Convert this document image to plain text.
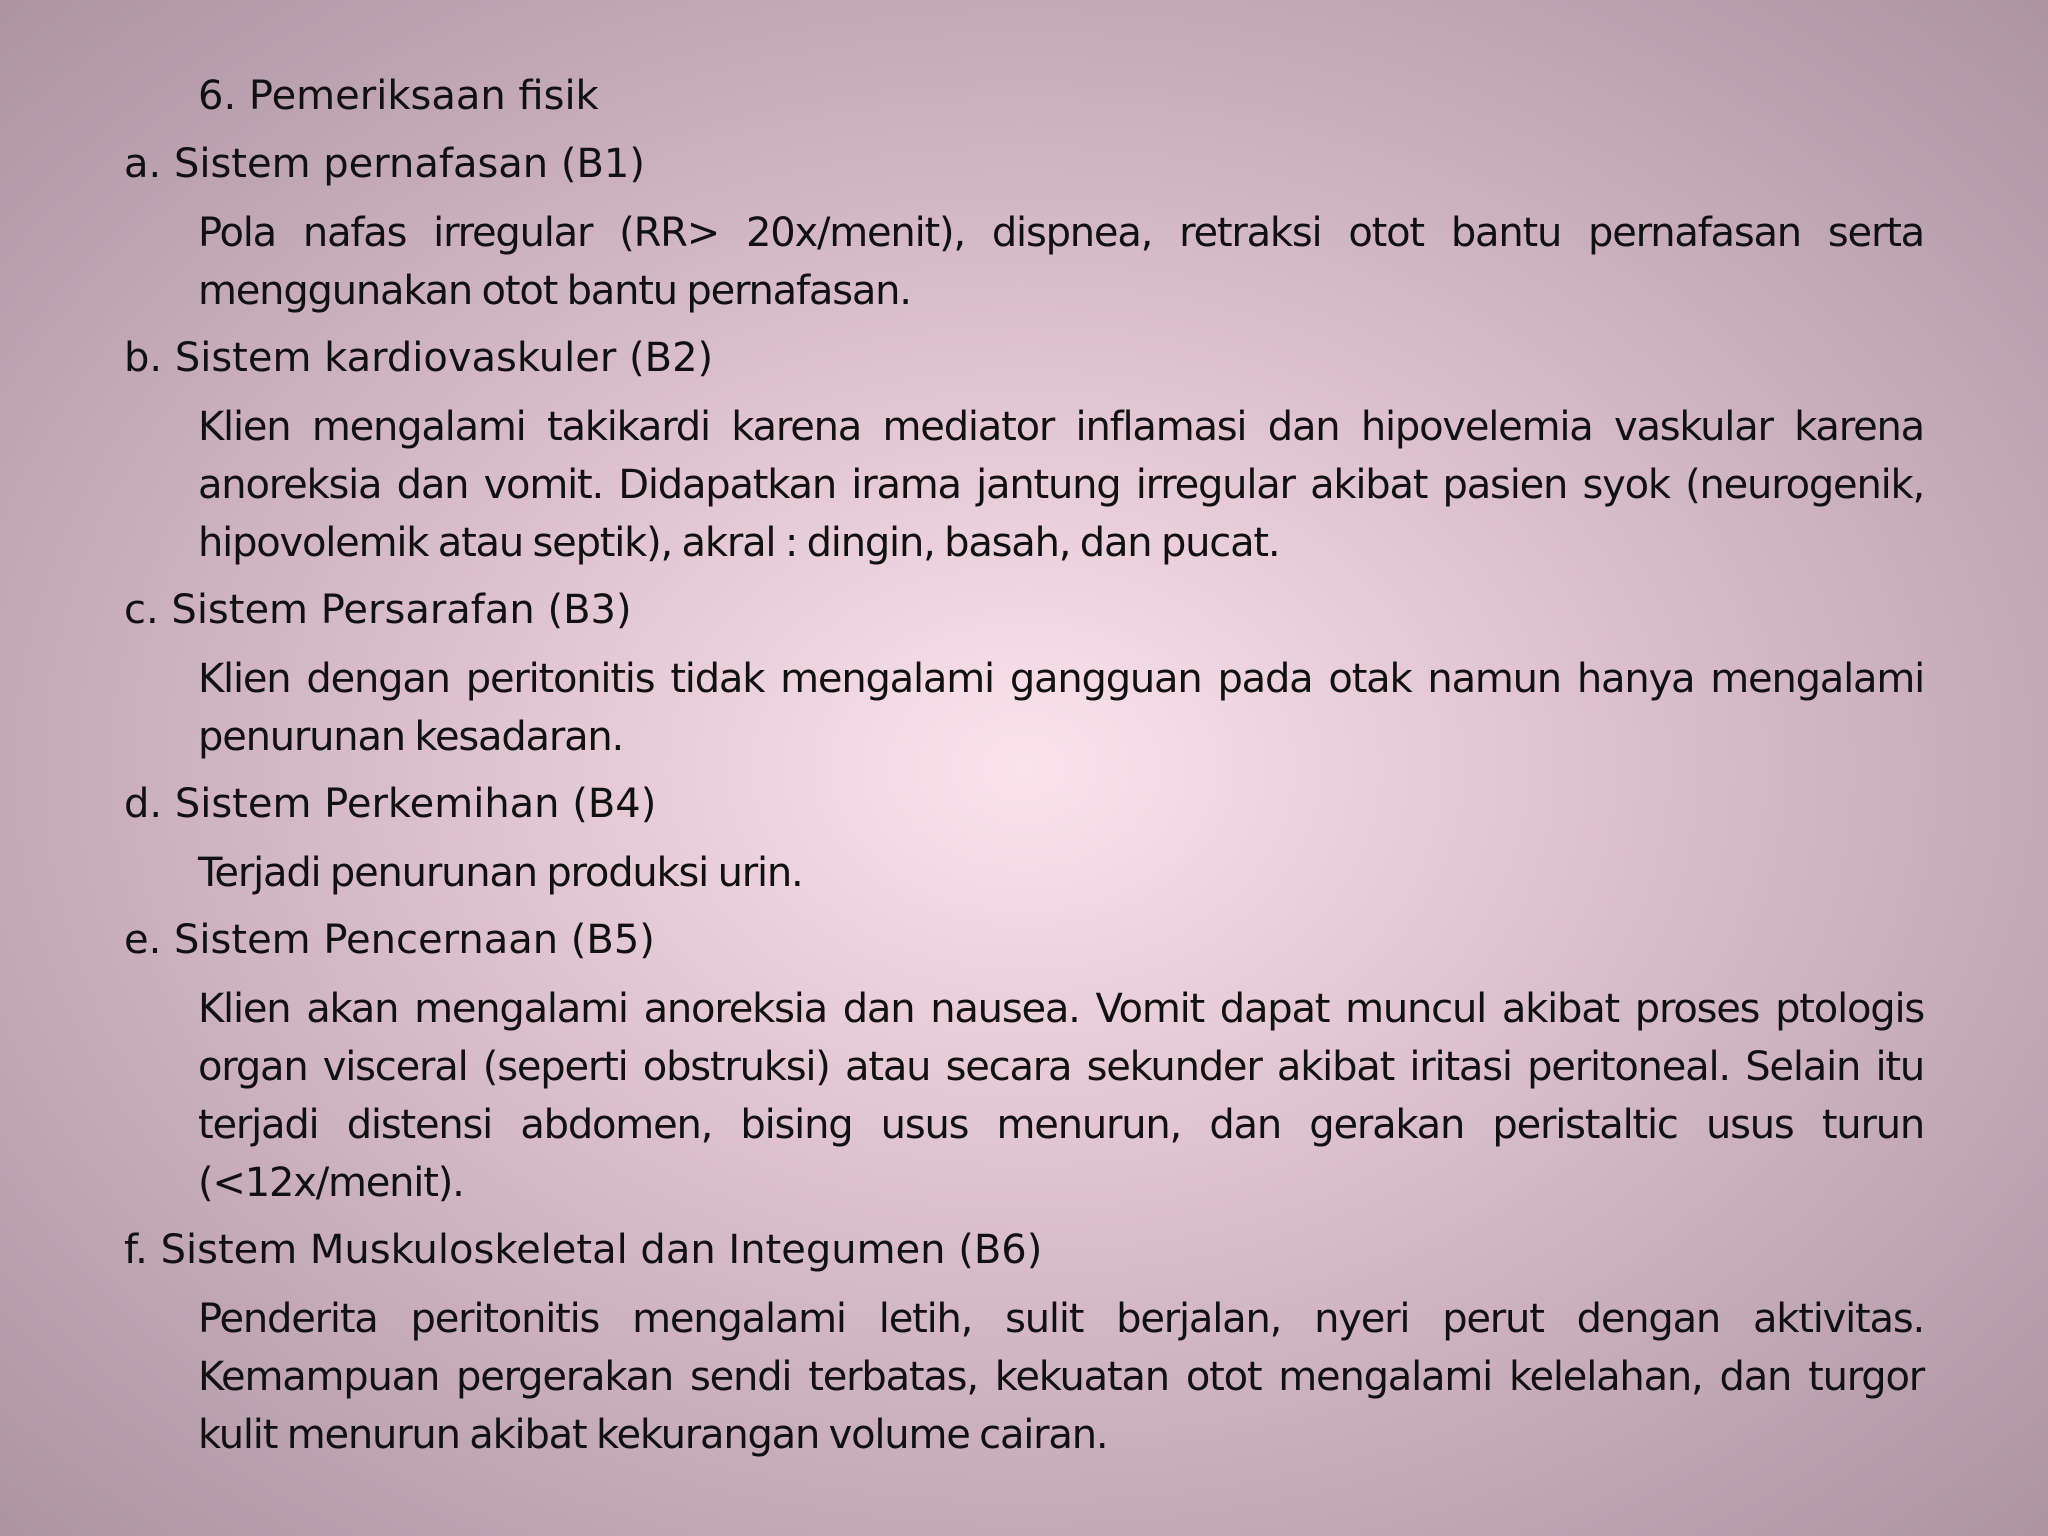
6. Pemeriksaan fisik
a. Sistem pernafasan (B1)
Pola nafas irregular (RR> 20x/menit), dispnea, retraksi otot bantu pernafasan serta menggunakan otot bantu pernafasan.
b. Sistem kardiovaskuler (B2)
Klien mengalami takikardi karena mediator inflamasi dan hipovelemia vaskular karena anoreksia dan vomit. Didapatkan irama jantung irregular akibat pasien syok (neurogenik, hipovolemik atau septik), akral : dingin, basah, dan pucat.
c. Sistem Persarafan (B3)
Klien dengan peritonitis tidak mengalami gangguan pada otak namun hanya mengalami penurunan kesadaran.
d. Sistem Perkemihan (B4)
Terjadi penurunan produksi urin.
e. Sistem Pencernaan (B5)
Klien akan mengalami anoreksia dan nausea. Vomit dapat muncul akibat proses ptologis organ visceral (seperti obstruksi) atau secara sekunder akibat iritasi peritoneal. Selain itu terjadi distensi abdomen, bising usus menurun, dan gerakan peristaltic usus turun (<12x/menit).
f. Sistem Muskuloskeletal dan Integumen (B6)
Penderita peritonitis mengalami letih, sulit berjalan, nyeri perut dengan aktivitas. Kemampuan pergerakan sendi terbatas, kekuatan otot mengalami kelelahan, dan turgor kulit menurun akibat kekurangan volume cairan.
